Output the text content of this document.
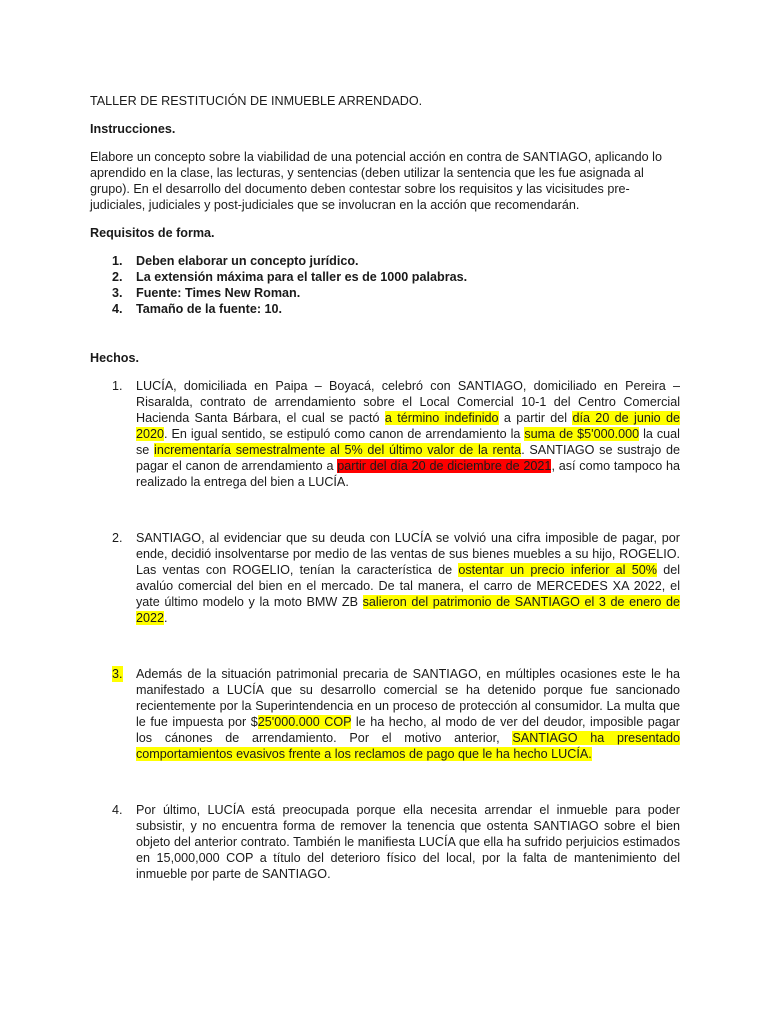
TALLER DE RESTITUCIÓN DE INMUEBLE ARRENDADO.

Instrucciones.

Elabore un concepto sobre la viabilidad de una potencial acción en contra de SANTIAGO, aplicando lo aprendido en la clase, las lecturas, y sentencias (deben utilizar la sentencia que les fue asignada al grupo). En el desarrollo del documento deben contestar sobre los requisitos y las vicisitudes pre-judiciales, judiciales y post-judiciales que se involucran en la acción que recomendarán.

Requisitos de forma.

1. Deben elaborar un concepto jurídico.
2. La extensión máxima para el taller es de 1000 palabras.
3. Fuente: Times New Roman.
4. Tamaño de la fuente: 10.

Hechos.

1. LUCÍA, domiciliada en Paipa – Boyacá, celebró con SANTIAGO, domiciliado en Pereira – Risaralda, contrato de arrendamiento sobre el Local Comercial 10-1 del Centro Comercial Hacienda Santa Bárbara, el cual se pactó a término indefinido a partir del día 20 de junio de 2020. En igual sentido, se estipuló como canon de arrendamiento la suma de $5'000.000 la cual se incrementaría semestralmente al 5% del último valor de la renta. SANTIAGO se sustrajo de pagar el canon de arrendamiento a partir del día 20 de diciembre de 2021, así como tampoco ha realizado la entrega del bien a LUCÍA.

2. SANTIAGO, al evidenciar que su deuda con LUCÍA se volvió una cifra imposible de pagar, por ende, decidió insolventarse por medio de las ventas de sus bienes muebles a su hijo, ROGELIO. Las ventas con ROGELIO, tenían la característica de ostentar un precio inferior al 50% del avalúo comercial del bien en el mercado. De tal manera, el carro de MERCEDES XA 2022, el yate último modelo y la moto BMW ZB salieron del patrimonio de SANTIAGO el 3 de enero de 2022.

3. Además de la situación patrimonial precaria de SANTIAGO, en múltiples ocasiones este le ha manifestado a LUCÍA que su desarrollo comercial se ha detenido porque fue sancionado recientemente por la Superintendencia en un proceso de protección al consumidor. La multa que le fue impuesta por $25'000.000 COP le ha hecho, al modo de ver del deudor, imposible pagar los cánones de arrendamiento. Por el motivo anterior, SANTIAGO ha presentado comportamientos evasivos frente a los reclamos de pago que le ha hecho LUCÍA.

4. Por último, LUCÍA está preocupada porque ella necesita arrendar el inmueble para poder subsistir, y no encuentra forma de remover la tenencia que ostenta SANTIAGO sobre el bien objeto del anterior contrato. También le manifiesta LUCÍA que ella ha sufrido perjuicios estimados en 15,000,000 COP a título del deterioro físico del local, por la falta de mantenimiento del inmueble por parte de SANTIAGO.
